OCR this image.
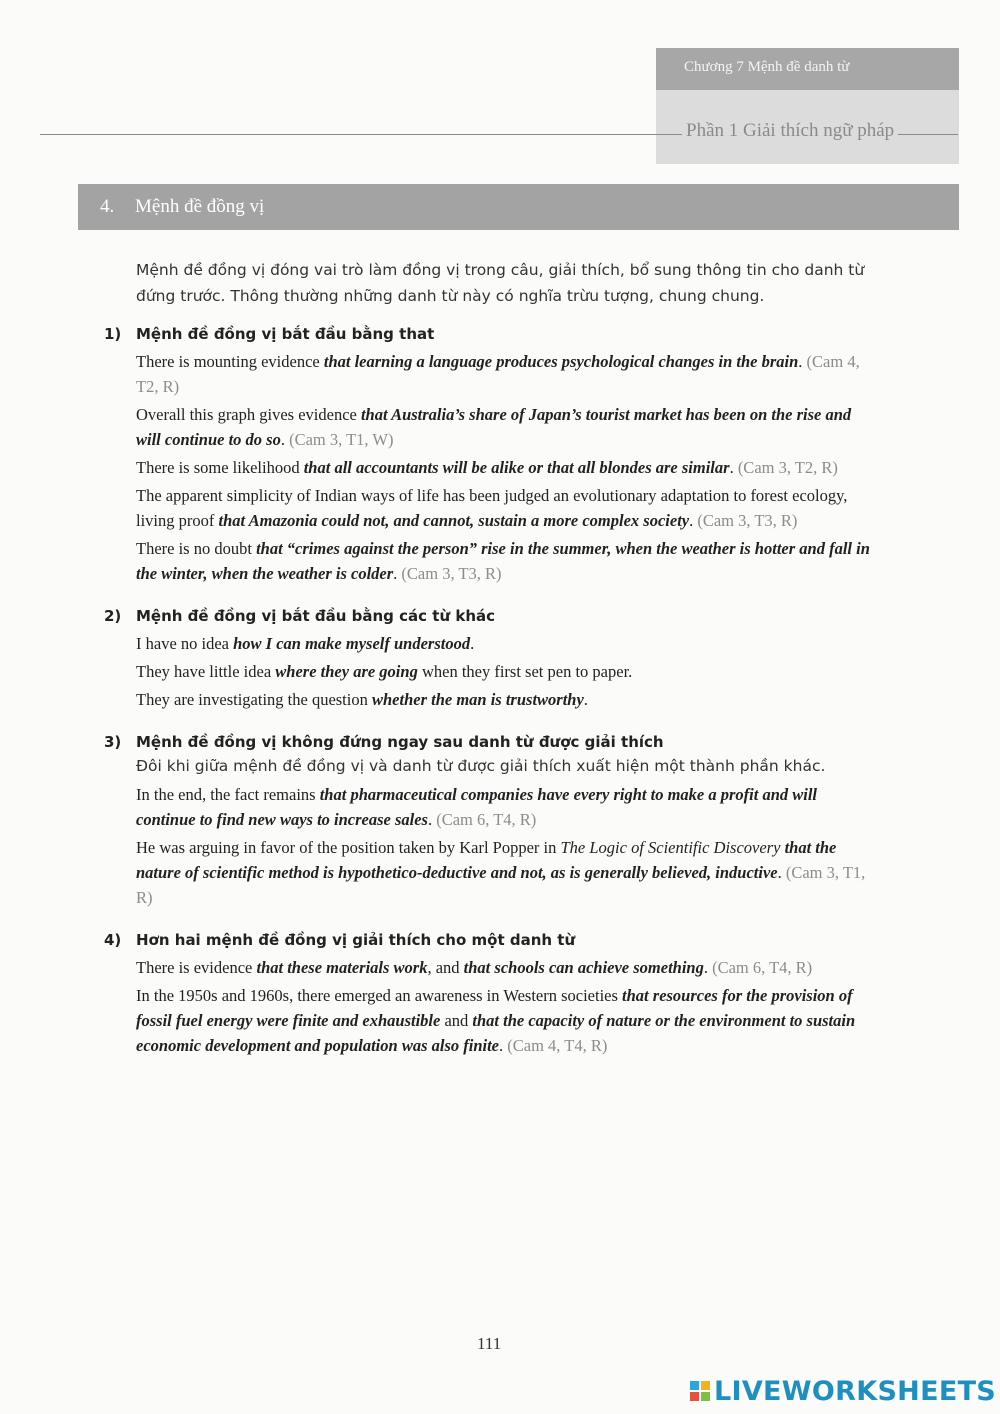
Chương 7 Mệnh đề danh từ
Phần 1 Giải thích ngữ pháp
4. Mệnh đề đồng vị
Mệnh đề đồng vị đóng vai trò làm đồng vị trong câu, giải thích, bổ sung thông tin cho danh từ đứng trước. Thông thường những danh từ này có nghĩa trừu tượng, chung chung.
1) Mệnh đề đồng vị bắt đầu bằng that
There is mounting evidence that learning a language produces psychological changes in the brain. (Cam 4, T2, R)
Overall this graph gives evidence that Australia’s share of Japan’s tourist market has been on the rise and will continue to do so. (Cam 3, T1, W)
There is some likelihood that all accountants will be alike or that all blondes are similar. (Cam 3, T2, R)
The apparent simplicity of Indian ways of life has been judged an evolutionary adaptation to forest ecology, living proof that Amazonia could not, and cannot, sustain a more complex society. (Cam 3, T3, R)
There is no doubt that “crimes against the person” rise in the summer, when the weather is hotter and fall in the winter, when the weather is colder. (Cam 3, T3, R)
2) Mệnh đề đồng vị bắt đầu bằng các từ khác
I have no idea how I can make myself understood.
They have little idea where they are going when they first set pen to paper.
They are investigating the question whether the man is trustworthy.
3) Mệnh đề đồng vị không đứng ngay sau danh từ được giải thích
Đôi khi giữa mệnh đề đồng vị và danh từ được giải thích xuất hiện một thành phần khác.
In the end, the fact remains that pharmaceutical companies have every right to make a profit and will continue to find new ways to increase sales. (Cam 6, T4, R)
He was arguing in favor of the position taken by Karl Popper in The Logic of Scientific Discovery that the nature of scientific method is hypothetico-deductive and not, as is generally believed, inductive. (Cam 3, T1, R)
4) Hơn hai mệnh đề đồng vị giải thích cho một danh từ
There is evidence that these materials work, and that schools can achieve something. (Cam 6, T4, R)
In the 1950s and 1960s, there emerged an awareness in Western societies that resources for the provision of fossil fuel energy were finite and exhaustible and that the capacity of nature or the environment to sustain economic development and population was also finite. (Cam 4, T4, R)
111
LIVEWORKSHEETS
